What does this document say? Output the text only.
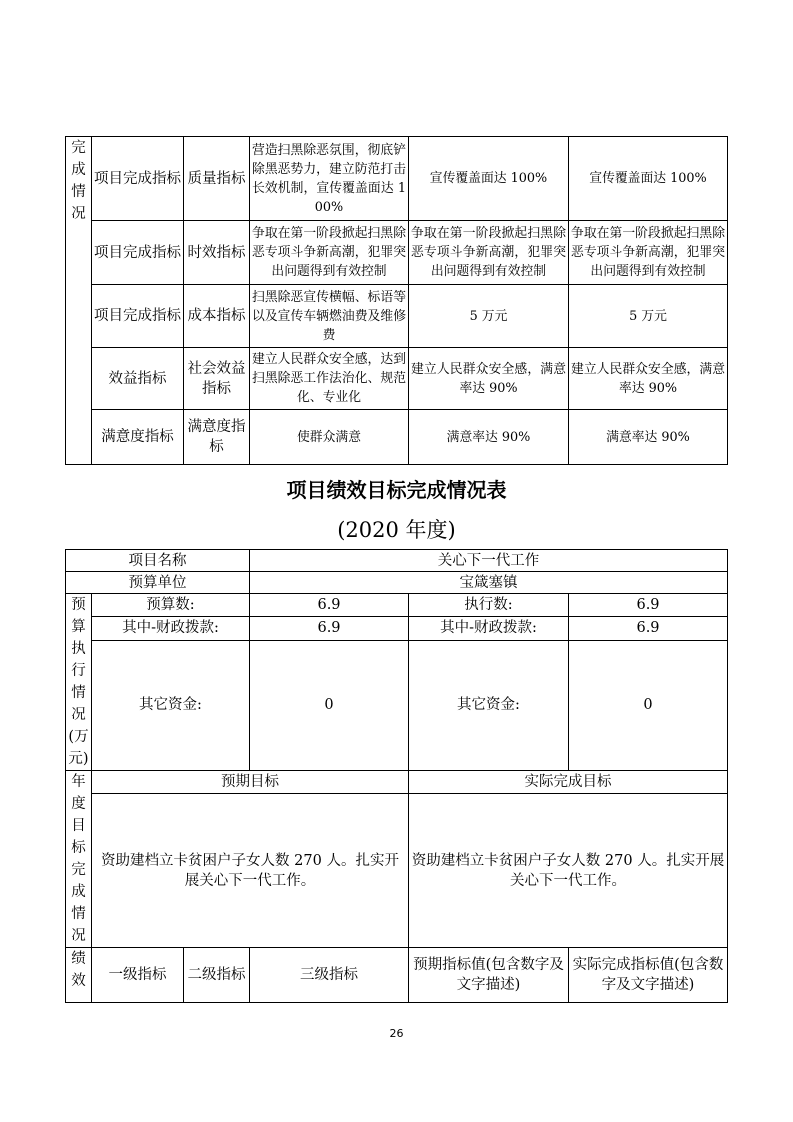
完成情况	项目完成指标	质量指标	营造扫黑除恶氛围，彻底铲除黑恶势力，建立防范打击长效机制，宣传覆盖面达 100%	宣传覆盖面达 100%	宣传覆盖面达 100%
	项目完成指标	时效指标	争取在第一阶段掀起扫黑除恶专项斗争新高潮，犯罪突出问题得到有效控制	争取在第一阶段掀起扫黑除恶专项斗争新高潮，犯罪突出问题得到有效控制	争取在第一阶段掀起扫黑除恶专项斗争新高潮，犯罪突出问题得到有效控制
	项目完成指标	成本指标	扫黑除恶宣传横幅、标语等以及宣传车辆燃油费及维修费	5 万元	5 万元
	效益指标	社会效益指标	建立人民群众安全感，达到扫黑除恶工作法治化、规范化、专业化	建立人民群众安全感，满意率达 90%	建立人民群众安全感，满意率达 90%
	满意度指标	满意度指标	使群众满意	满意率达 90%	满意率达 90%
项目绩效目标完成情况表
(2020 年度)
项目名称			关心下一代工作		
预算单位			宝箴塞镇		
预算执行情况(万元)	预算数:		6.9	执行数:	6.9
	其中-财政拨款:		6.9	其中-财政拨款:	6.9
	其它资金:		0	其它资金:	0
年度目标完成情况	预期目标			实际完成目标	
	资助建档立卡贫困户子女人数 270 人。扎实开展关心下一代工作。			资助建档立卡贫困户子女人数 270 人。扎实开展关心下一代工作。	
绩效	一级指标	二级指标	三级指标	预期指标值(包含数字及文字描述)	实际完成指标值(包含数字及文字描述)
26
